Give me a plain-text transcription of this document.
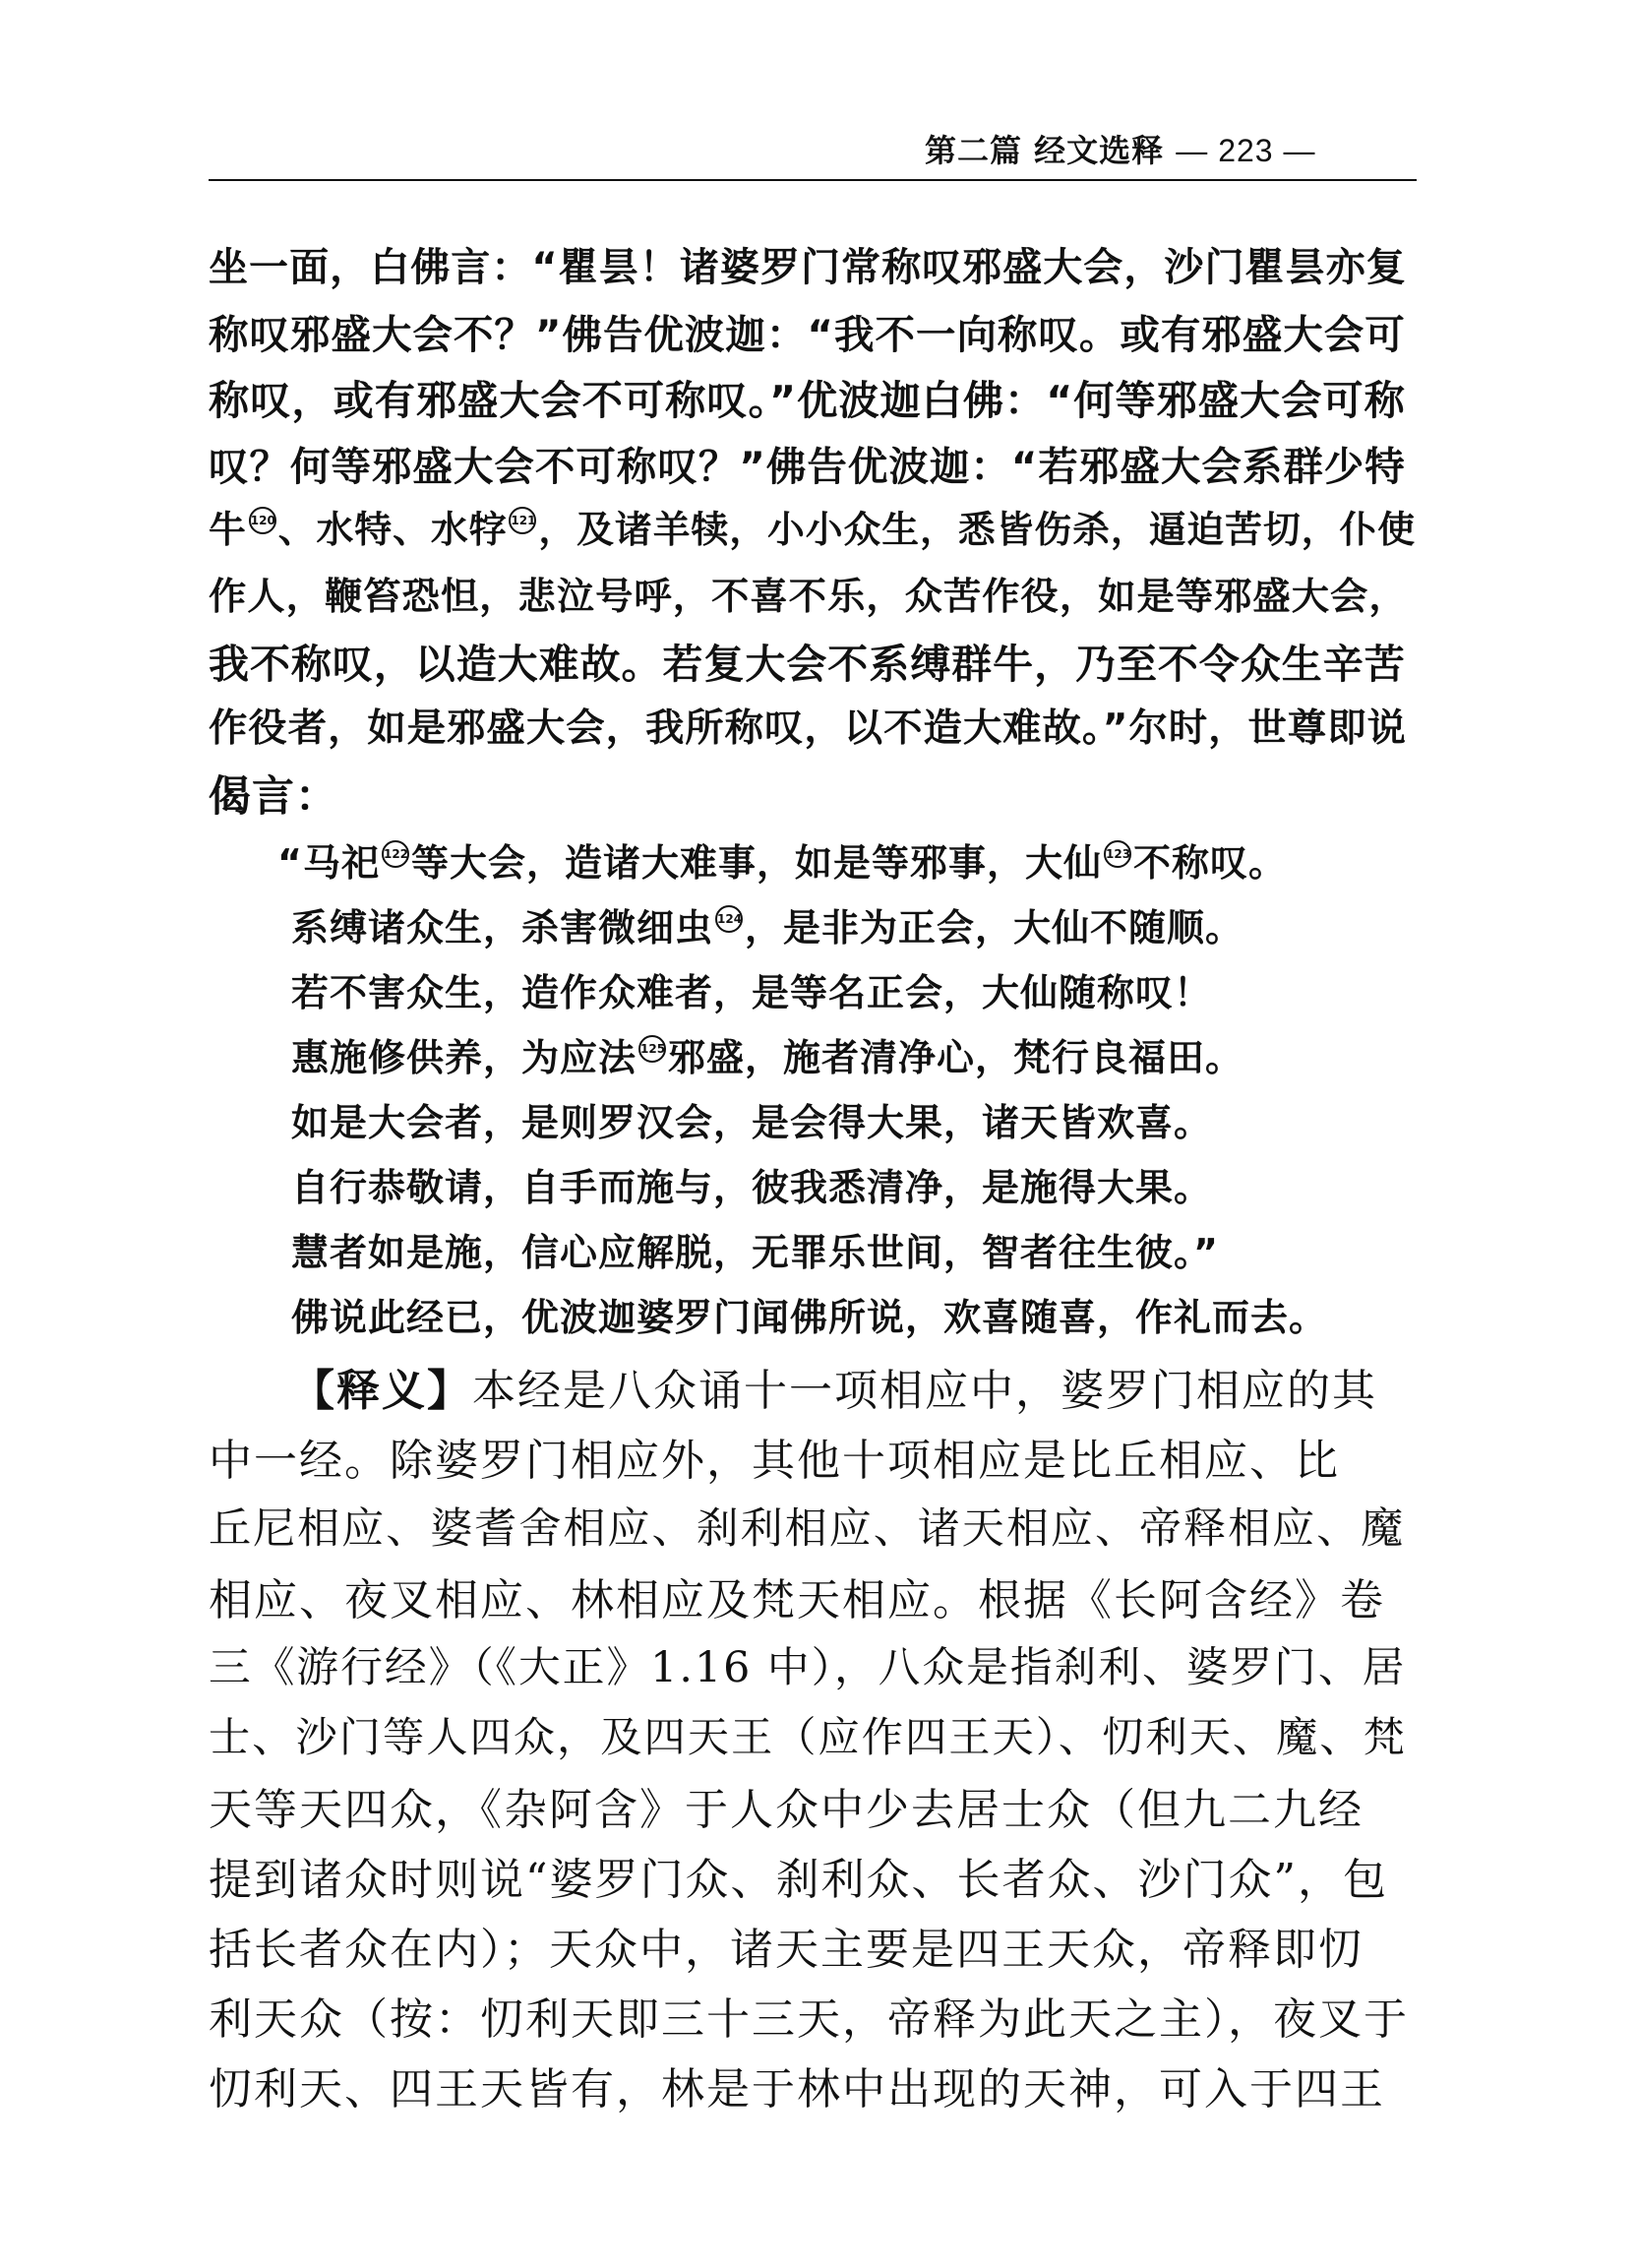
第二篇 经文选释 — 223 —
坐一面，白佛言：“瞿昙！诸婆罗门常称叹邪盛大会，沙门瞿昙亦复
称叹邪盛大会不？”佛告优波迦：“我不一向称叹。或有邪盛大会可
称叹，或有邪盛大会不可称叹。”优波迦白佛：“何等邪盛大会可称
叹？何等邪盛大会不可称叹？”佛告优波迦：“若邪盛大会系群少特
牛 120、水特、水牸 121，及诸羊犊，小小众生，悉皆伤杀，逼迫苦切，仆使
作人，鞭笞恐怛，悲泣号呼，不喜不乐，众苦作役，如是等邪盛大会，
我不称叹，以造大难故。若复大会不系缚群牛，乃至不令众生辛苦
作役者，如是邪盛大会，我所称叹，以不造大难故。”尔时，世尊即说
偈言：
“马祀 122等大会，造诸大难事，如是等邪事，大仙 123不称叹。
系缚诸众生，杀害微细虫 124，是非为正会，大仙不随顺。
若不害众生，造作众难者，是等名正会，大仙随称叹！
惠施修供养，为应法 125邪盛，施者清净心，梵行良福田。
如是大会者，是则罗汉会，是会得大果，诸天皆欢喜。
自行恭敬请，自手而施与，彼我悉清净，是施得大果。
慧者如是施，信心应解脱，无罪乐世间，智者往生彼。”
佛说此经已，优波迦婆罗门闻佛所说，欢喜随喜，作礼而去。
【释义】本经是八众诵十一项相应中，婆罗门相应的其
中一经。除婆罗门相应外，其他十项相应是比丘相应、比
丘尼相应、婆耆舍相应、刹利相应、诸天相应、帝释相应、魔
相应、夜叉相应、林相应及梵天相应。根据《长阿含经》卷
三《游行经》（《大正》1.16 中），八众是指刹利、婆罗门、居
士、沙门等人四众，及四天王（应作四王天）、忉利天、魔、梵
天等天四众，《杂阿含》于人众中少去居士众（但九二九经
提到诸众时则说“婆罗门众、刹利众、长者众、沙门众”，包
括长者众在内）；天众中，诸天主要是四王天众，帝释即忉
利天众（按：忉利天即三十三天，帝释为此天之主），夜叉于
忉利天、四王天皆有，林是于林中出现的天神，可入于四王
